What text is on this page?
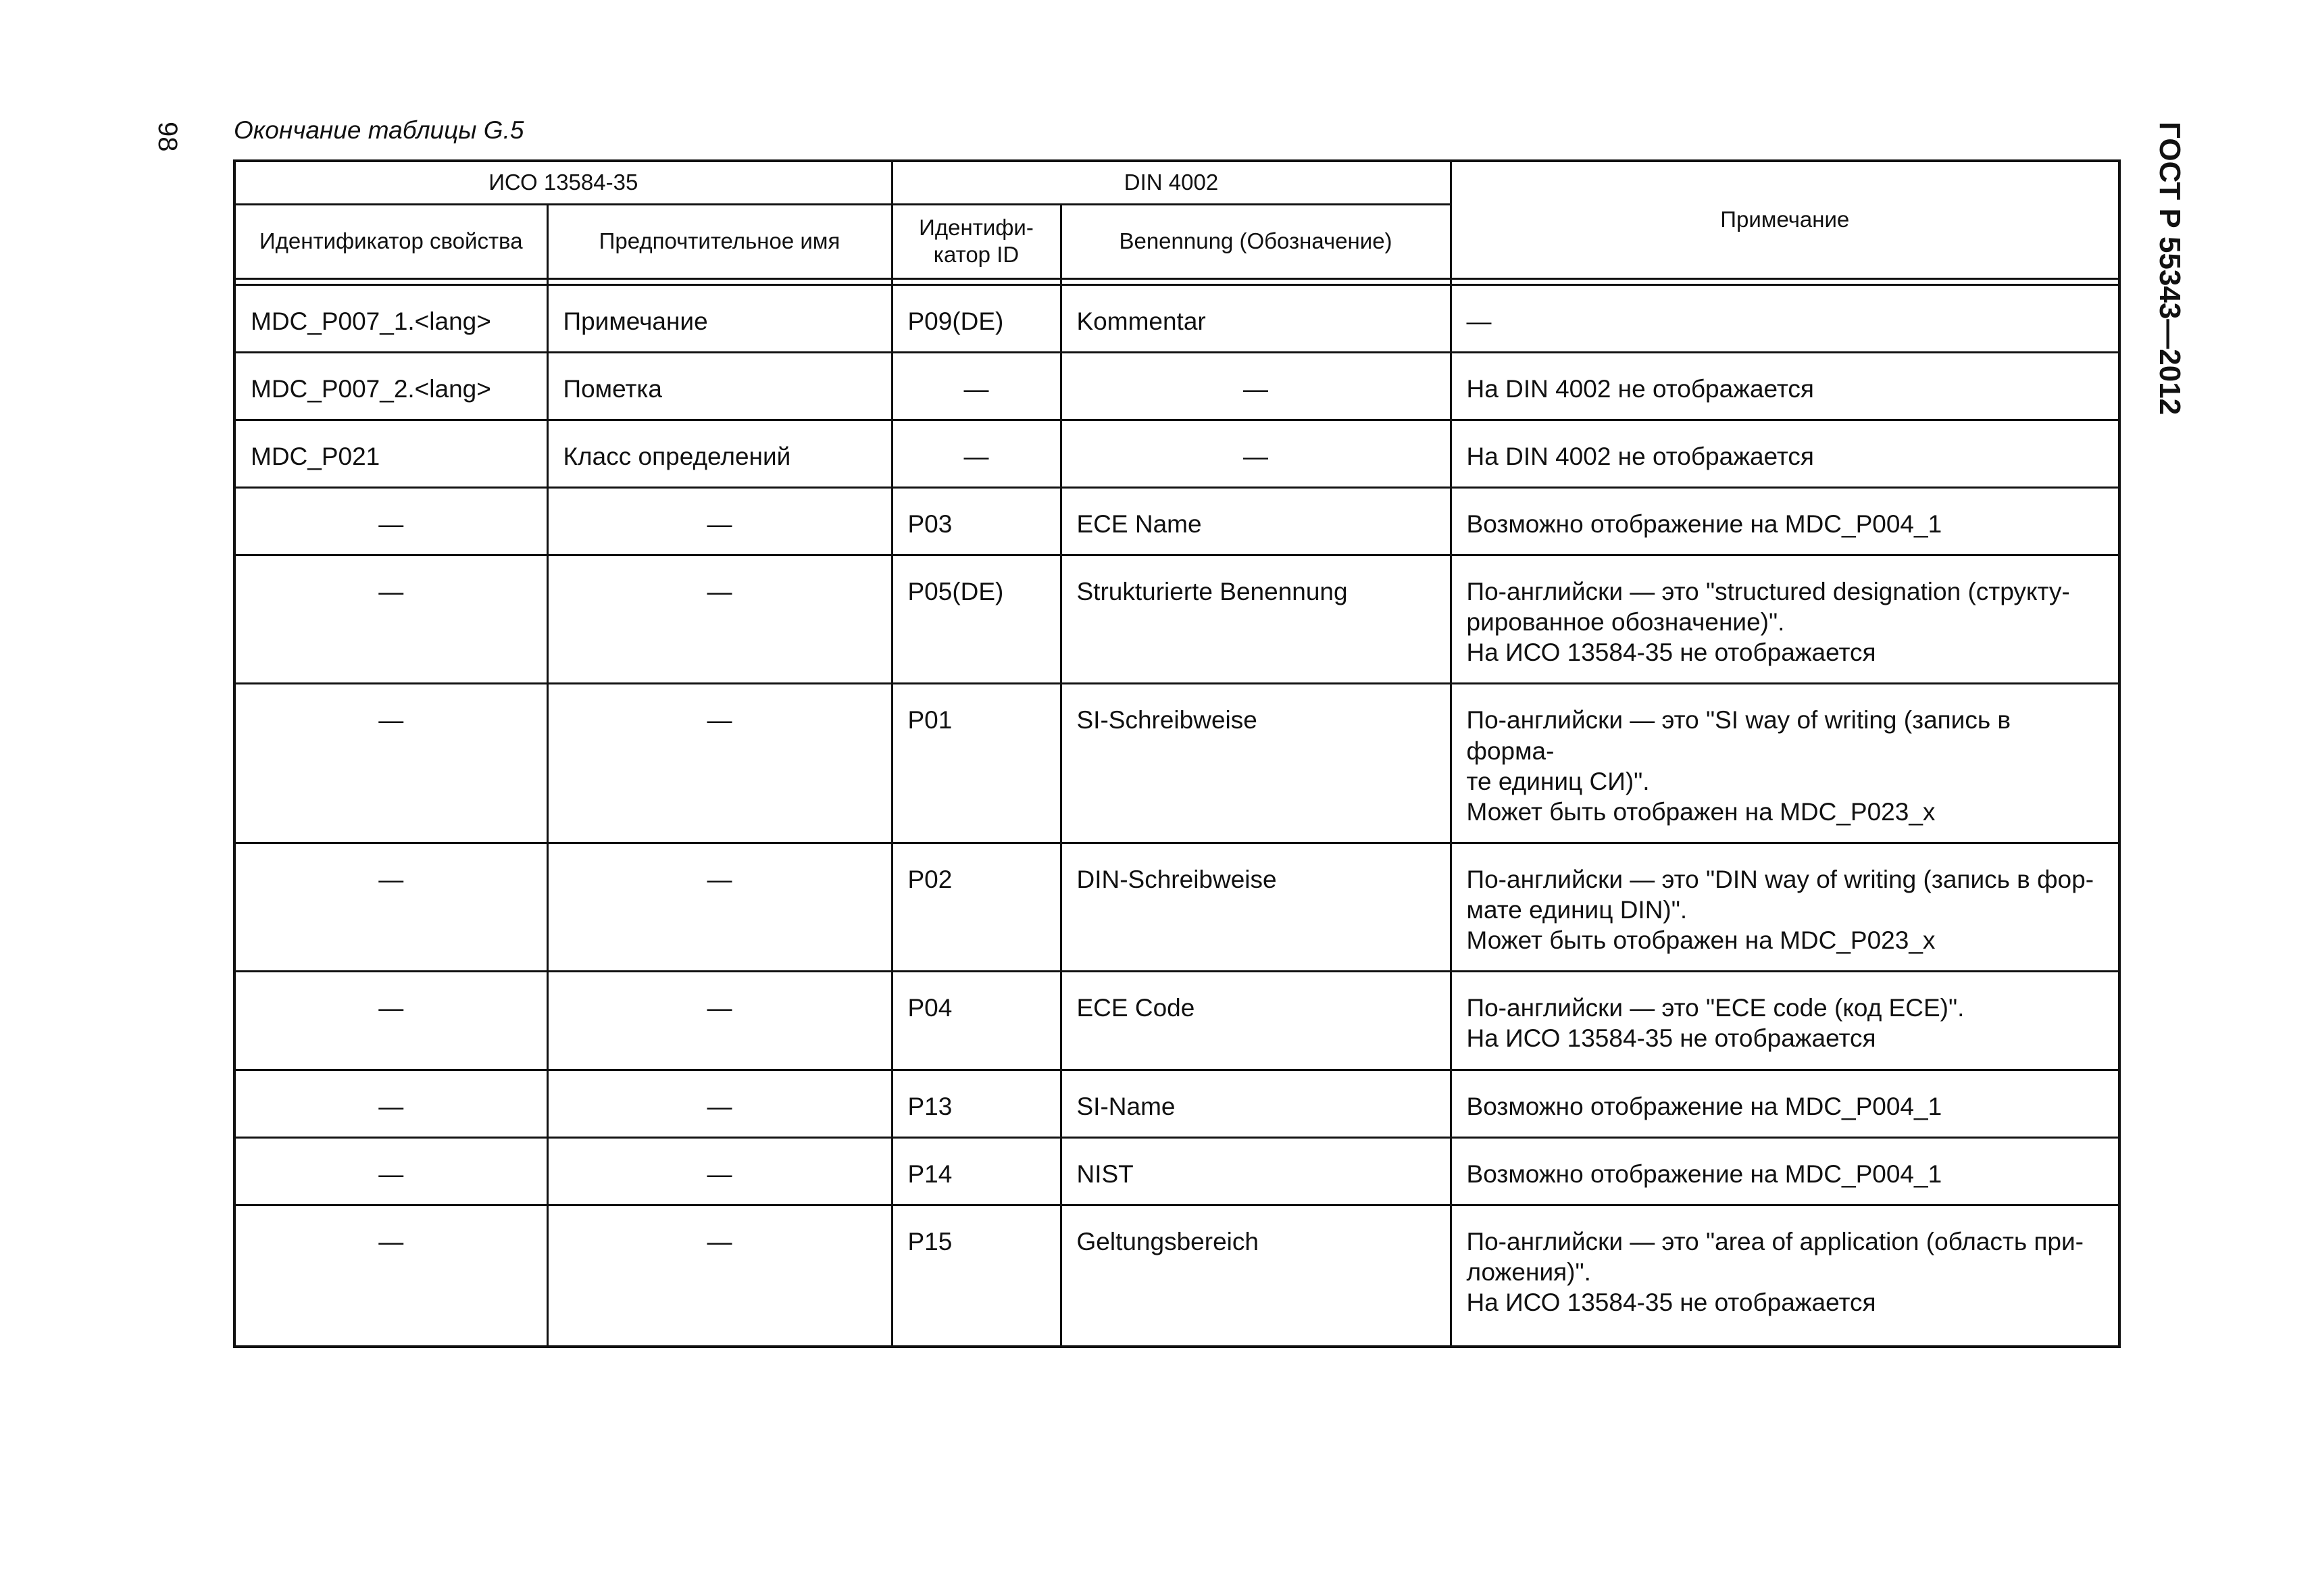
98 Окончание таблицы G.5	ГОСТ Р 55343—2012
ИСО 13584-35		DIN 4002		Примечание
Идентификатор свойства	Предпочтительное имя	Идентифи-катор ID	Benennung (Обозначение)	

MDC_P007_1.<lang>	Примечание	P09(DE)	Kommentar	—

MDC_P007_2.<lang>	Пометка	—	—	На DIN 4002 не отображается

MDC_P021	Класс определений	—	—	На DIN 4002 не отображается

—	—	P03	ECE Name	Возможно отображение на MDC_P004_1

—	—	P05(DE)	Strukturierte Benennung	По-английски — это "structured designation (структу-
рированное обозначение)".
На ИСО 13584-35 не отображается

—	—	P01	SI-Schreibweise	По-английски — это "SI way of writing (запись в форма-
те единиц СИ)".
Может быть отображен на MDC_P023_x

—	—	P02	DIN-Schreibweise	По-английски — это "DIN way of writing (запись в фор-
мате единиц DIN)".
Может быть отображен на MDC_P023_x

—	—	P04	ECE Code	По-английски — это "ECE code (код ECE)".
На ИСО 13584-35 не отображается

—	—	P13	SI-Name	Возможно отображение на MDC_P004_1

—	—	P14	NIST	Возможно отображение на MDC_P004_1

—	—	P15	Geltungsbereich	По-английски — это "area of application (область при-
ложения)".
На ИСО 13584-35 не отображается
